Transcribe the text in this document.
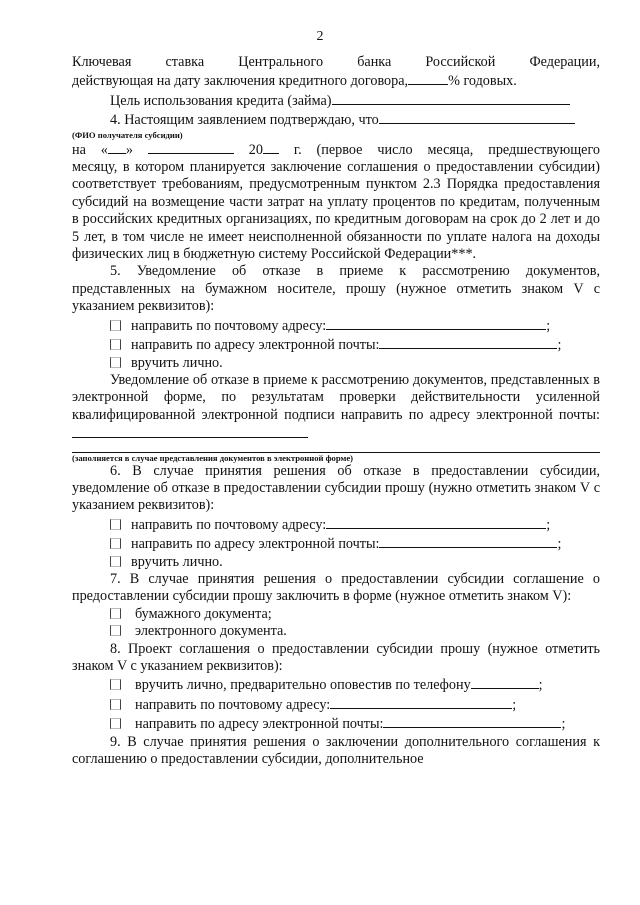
2

Ключевая ставка Центрального банка Российской Федерации,

действующая на дату заключения кредитного договора,	% годовых.

Цель использования кредита (займа)

4. Настоящим заявлением подтверждаю, что

(ФИО получателя субсидии)

на « »	20 г. (первое число месяца, предшествующего

месяцу, в котором планируется заключение соглашения о предоставлении субсидии) соответствует требованиям, предусмотренным пунктом 2.3 Порядка предоставления субсидий на возмещение части затрат на уплату процентов по кредитам, полученным в российских кредитных организациях, по кредитным договорам на срок до 2 лет и до 5 лет, в том числе не имеет неисполненной обязанности по уплате налога на доходы физических лиц в бюджетную систему Российской Федерации***.

5. Уведомление об отказе в приеме к рассмотрению документов, представленных на бумажном носителе, прошу (нужное отметить знаком V с указанием реквизитов):

направить по почтовому адресу:	;
направить по адресу электронной почты:	;
вручить лично.

Уведомление об отказе в приеме к рассмотрению документов, представленных в электронной форме, по результатам проверки действительности усиленной квалифицированной электронной подписи направить по адресу электронной почты:

(заполняется в случае представления документов в электронной форме)

6. В случае принятия решения об отказе в предоставлении субсидии, уведомление об отказе в предоставлении субсидии прошу (нужно отметить знаком V с указанием реквизитов):

направить по почтовому адресу:	;
направить по адресу электронной почты:	;
вручить лично.

7. В случае принятия решения о предоставлении субсидии соглашение о предоставлении субсидии прошу заключить в форме (нужное отметить знаком V):

бумажного документа;
электронного документа.

8. Проект соглашения о предоставлении субсидии прошу (нужное отметить знаком V с указанием реквизитов):

вручить лично, предварительно оповестив по телефону	;
направить по почтовому адресу:	;
направить по адресу электронной почты:	;

9. В случае принятия решения о заключении дополнительного соглашения к соглашению о предоставлении субсидии, дополнительное
